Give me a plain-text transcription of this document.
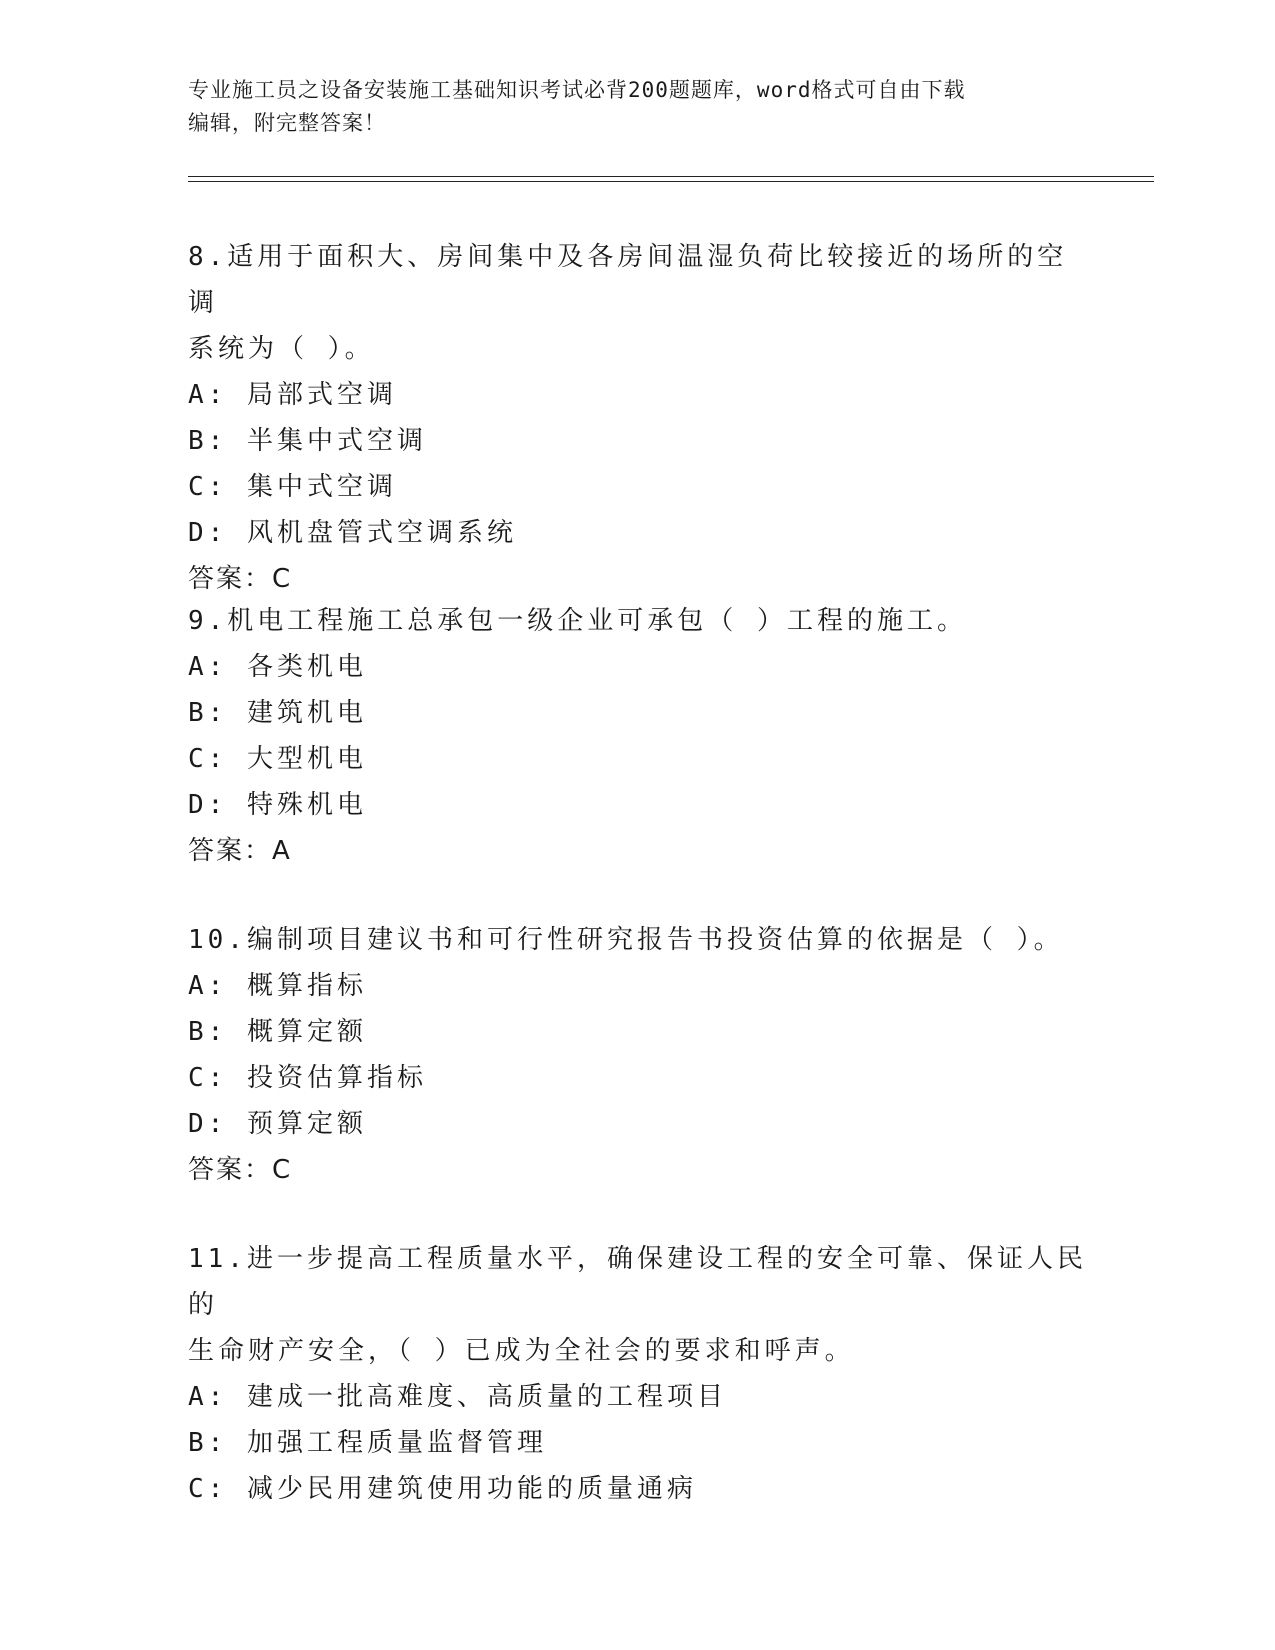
专业施工员之设备安装施工基础知识考试必背200题题库，word格式可自由下载
编辑，附完整答案！

8.适用于面积大、房间集中及各房间温湿负荷比较接近的场所的空调

系统为（ ）。

A: 局部式空调

B: 半集中式空调

C: 集中式空调

D: 风机盘管式空调系统

答案：C

9.机电工程施工总承包一级企业可承包（ ）工程的施工。

A: 各类机电

B: 建筑机电

C: 大型机电

D: 特殊机电

答案：A

10.编制项目建议书和可行性研究报告书投资估算的依据是（ ）。

A: 概算指标

B: 概算定额

C: 投资估算指标

D: 预算定额

答案：C

11.进一步提高工程质量水平，确保建设工程的安全可靠、保证人民的

生命财产安全，（ ）已成为全社会的要求和呼声。

A: 建成一批高难度、高质量的工程项目

B: 加强工程质量监督管理

C: 减少民用建筑使用功能的质量通病
